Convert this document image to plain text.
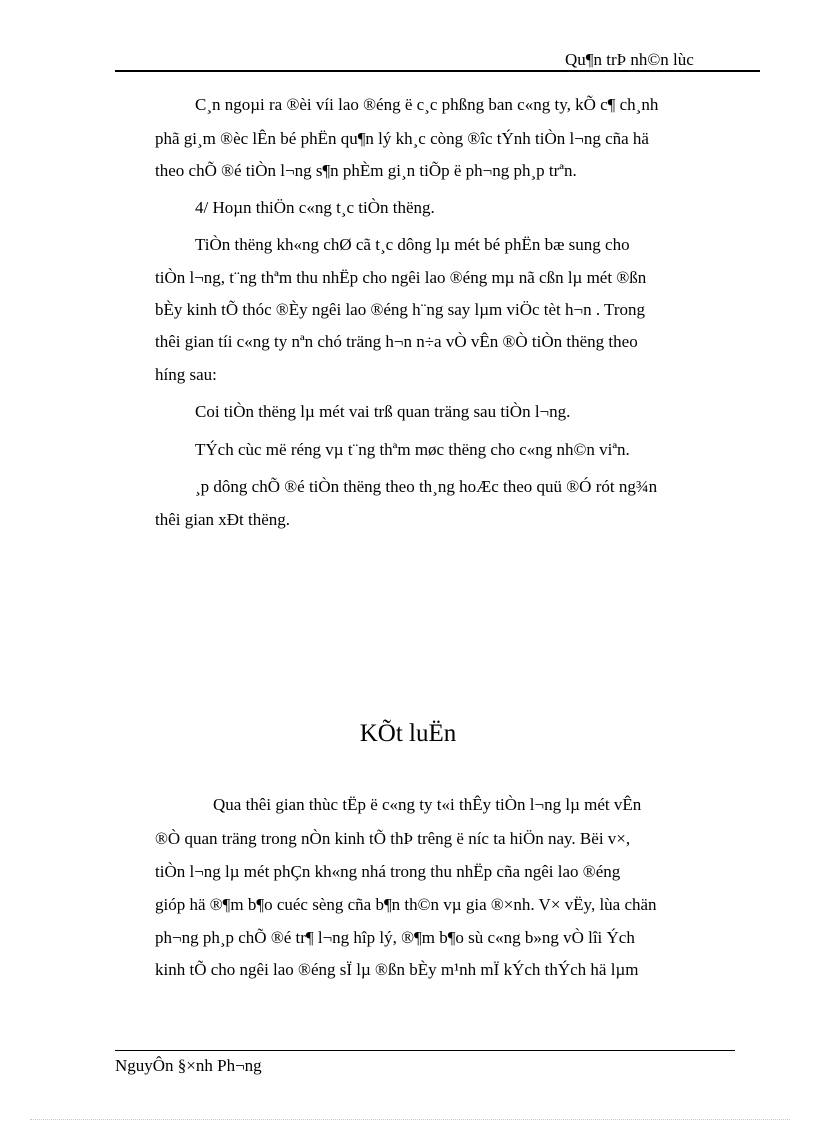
Qu¶n trÞ nh©n lùc
C¸n ngoµi ra ®èi víi lao ®éng ë c¸c phßng ban c«ng ty, kÕ c¶ ch¸nh
phã gi¸m ®èc lÊn bé phËn qu¶n lý kh¸c còng ®îc tÝnh tiÒn l¬ng cña hä
theo chÕ ®é tiÒn l¬ng s¶n phÈm gi¸n tiÕp ë ph¬ng ph¸p trªn.
4/ Hoµn thiÖn c«ng t¸c tiÒn thëng.
TiÒn thëng kh«ng chØ cã t¸c dông lµ mét bé phËn bæ sung cho
tiÒn l¬ng, t¨ng thªm thu nhËp cho ngêi lao ®éng mµ nã cßn lµ mét ®ßn
bÈy kinh tÕ thóc ®Èy ngêi lao ®éng h¨ng say lµm viÖc tèt h¬n . Trong
thêi gian tíi c«ng ty nªn chó träng h¬n n÷a vÒ vÊn ®Ò tiÒn thëng theo
híng sau:
Coi tiÒn thëng lµ mét vai trß quan träng sau tiÒn l¬ng.
TÝch cùc më réng vµ t¨ng thªm møc thëng cho c«ng nh©n viªn.
¸p dông chÕ ®é tiÒn thëng theo th¸ng hoÆc theo quü ®Ó rót ng¾n
thêi gian xÐt thëng.
KÕt luËn
Qua thêi gian thùc tËp ë c«ng ty t«i thÊy tiÒn l¬ng lµ mét vÊn
®Ò quan träng trong nÒn kinh tÕ thÞ trêng ë níc ta hiÖn nay. Bëi v×,
tiÒn l¬ng lµ mét phÇn kh«ng nhá trong thu nhËp cña ngêi lao ®éng
gióp hä ®¶m b¶o cuéc sèng cña b¶n th©n vµ gia ®×nh. V× vËy, lùa chän
ph¬ng ph¸p chÕ ®é tr¶ l¬ng hîp lý, ®¶m b¶o sù c«ng b»ng vÒ lîi Ých
kinh tÕ cho ngêi lao ®éng sÏ lµ ®ßn bÈy m¹nh mÏ kÝch thÝch hä lµm
NguyÔn §×nh Ph¬ng
